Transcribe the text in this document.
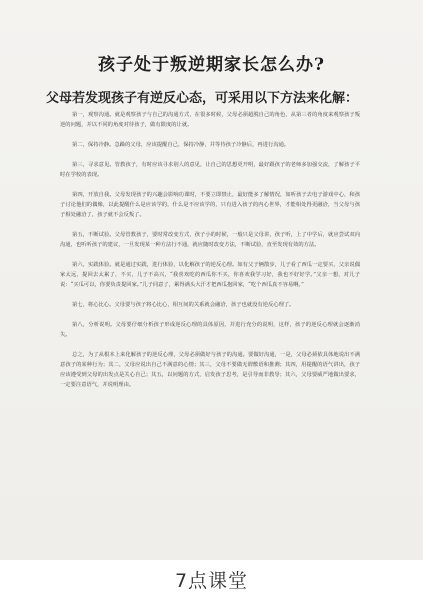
孩子处于叛逆期家长怎么办?
父母若发现孩子有逆反心态，可采用以下方法来化解：

第一，观察沟通。就是观察孩子与自己的沟通方式，在很多时候，父母必须超脱自己的角色，从第三者的角度来观察孩子叛逆的问题，并以不同的角度对待孩子，做有限度的让就。

第二，保持冷静。急躁的父母，应该提醒自己，保持冷静，并等待孩子冷静后，再进行沟通。

第三，寻求意见。管教孩子，有时应该寻求别人的意见，让自己的思想更开明，最好跟孩子的老师多加强交流，了解孩子平时在学校的表现。

第四，开放自我。父母发现孩子的兴趣会影响功课时，不要立即禁止，最好能多了解情况，如听孩子去电子游戏中心，和孩子讨论他们的偶像，以此提醒什么是应该学的，什么是不应该学的，只有进入孩子的内心世界，才能相处得更融洽，当父母与孩子相处融洽了，孩子就不会反叛了。

第五，不断试验。父母管教孩子，要时常改变方式，孩子小的时候，一般只是父母讲，孩子听，上了中学后，就应尝试双向沟通，也听听孩子的建议，一旦发现某一种方法行不通，就应随时改变方法，不断试验，直至发现有效的方法。

第六，实践体验。就是通过实践，进行体验，以化解孩子的逆反心理。如有父子俩散步，儿子看了西瓜一定要买，父亲说偶家太远，提回去太累了，不买，儿子不高兴，“我喜欢吃的西瓜你不买，你喜欢我学习好，我也不好好学。”父亲一想，对儿子说：“买瓜可以，你要负责提回家。”儿子同意了，累得满头大汗才把西瓜抱回家，“吃个西瓜真不容易啊。”

第七，将心比心。父母要与孩子将心比心，相互间的关系就会融洽，孩子也就没有逆反心理了。

第八，分析说明。父母要仔细分析孩子形成逆反心理的具体原因，并进行充分的说明，这样，孩子的逆反心理就会逐渐消失。

总之，为了从根本上来化解孩子的逆反心理，父母必须做好与孩子的沟通。要做好沟通，一是，父母必须依具体地说出不满意孩子的某种行为；其二，父母应说出自己不满意的心情；其三，父母不要做无谓敷语和推测；其四，用提醒的语气讲出，孩子应该遵受到父母的出发点是关心自己；其五，以问题的方式，启发孩子思考，是引导而非教导；其六，父母要威严地做出要求，一定要注意语气，并说明理由。

7点课堂
